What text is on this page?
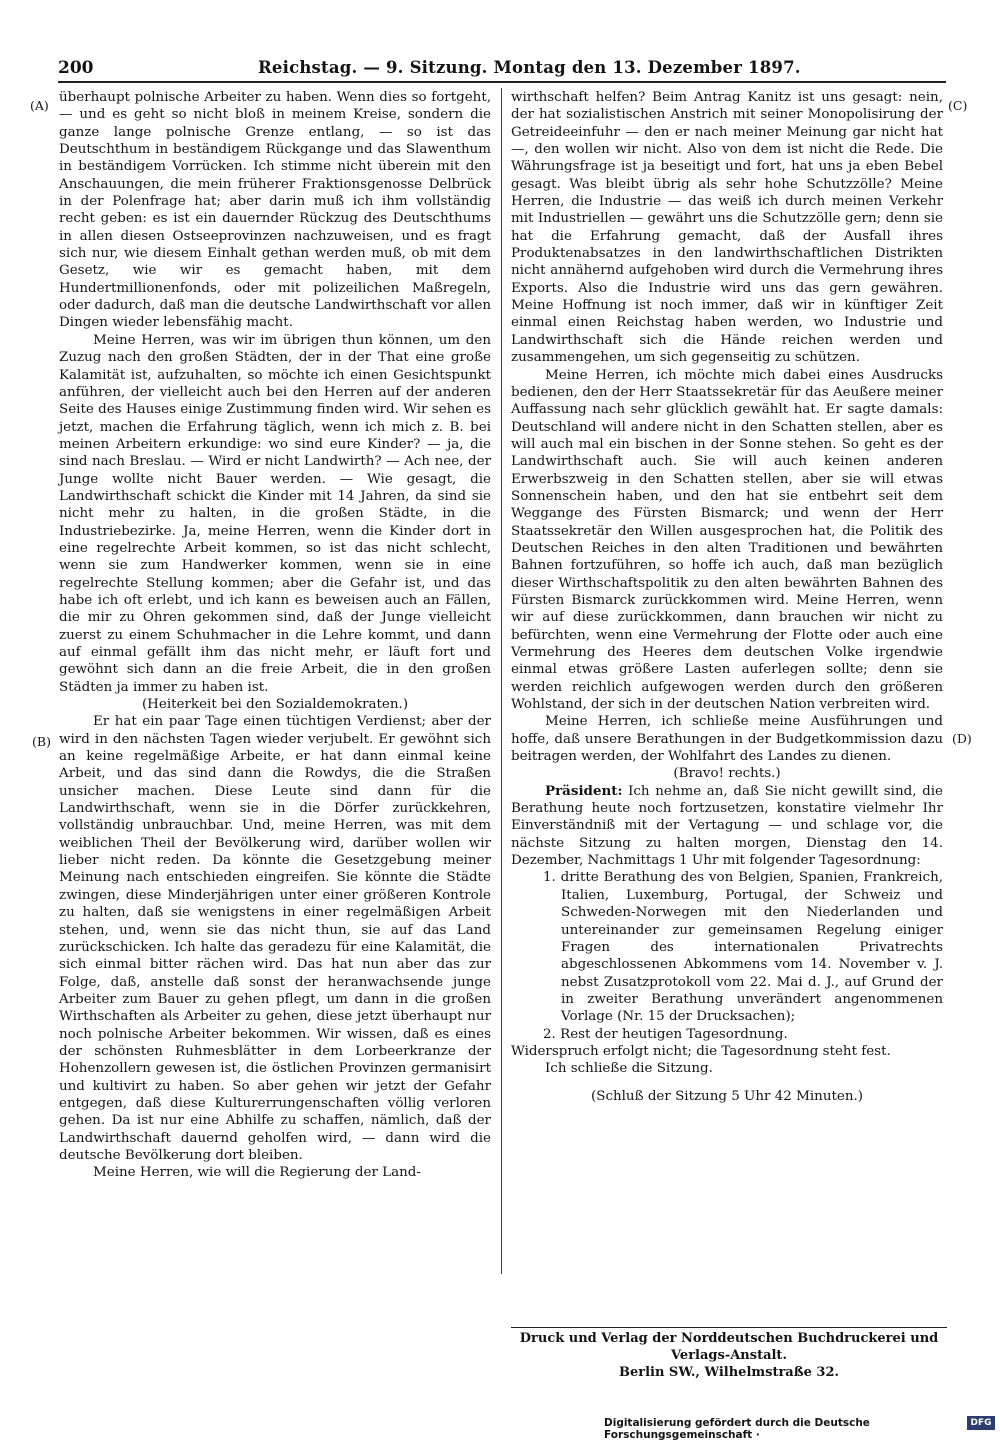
200	Reichstag. — 9. Sitzung. Montag den 13. Dezember 1897.
(A)
(B)
(C)
(D)

überhaupt polnische Arbeiter zu haben. Wenn dies so fortgeht, — und es geht so nicht bloß in meinem Kreise, sondern die ganze lange polnische Grenze entlang, — so ist das Deutschthum in beständigem Rückgange und das Slawenthum in beständigem Vorrücken. Ich stimme nicht überein mit den Anschauungen, die mein früherer Fraktionsgenosse Delbrück in der Polenfrage hat; aber darin muß ich ihm vollständig recht geben: es ist ein dauernder Rückzug des Deutschthums in allen diesen Ostseeprovinzen nachzuweisen, und es fragt sich nur, wie diesem Einhalt gethan werden muß, ob mit dem Gesetz, wie wir es gemacht haben, mit dem Hundertmillionenfonds, oder mit polizeilichen Maßregeln, oder dadurch, daß man die deutsche Landwirthschaft vor allen Dingen wieder lebensfähig macht.

Meine Herren, was wir im übrigen thun können, um den Zuzug nach den großen Städten, der in der That eine große Kalamität ist, aufzuhalten, so möchte ich einen Gesichtspunkt anführen, der vielleicht auch bei den Herren auf der anderen Seite des Hauses einige Zustimmung finden wird. Wir sehen es jetzt, machen die Erfahrung täglich, wenn ich mich z. B. bei meinen Arbeitern erkundige: wo sind eure Kinder? — ja, die sind nach Breslau. — Wird er nicht Landwirth? — Ach nee, der Junge wollte nicht Bauer werden. — Wie gesagt, die Landwirthschaft schickt die Kinder mit 14 Jahren, da sind sie nicht mehr zu halten, in die großen Städte, in die Industriebezirke. Ja, meine Herren, wenn die Kinder dort in eine regelrechte Arbeit kommen, so ist das nicht schlecht, wenn sie zum Handwerker kommen, wenn sie in eine regelrechte Stellung kommen; aber die Gefahr ist, und das habe ich oft erlebt, und ich kann es beweisen auch an Fällen, die mir zu Ohren gekommen sind, daß der Junge vielleicht zuerst zu einem Schuhmacher in die Lehre kommt, und dann auf einmal gefällt ihm das nicht mehr, er läuft fort und gewöhnt sich dann an die freie Arbeit, die in den großen Städten ja immer zu haben ist.

(Heiterkeit bei den Sozialdemokraten.)

Er hat ein paar Tage einen tüchtigen Verdienst; aber der wird in den nächsten Tagen wieder verjubelt. Er gewöhnt sich an keine regelmäßige Arbeite, er hat dann einmal keine Arbeit, und das sind dann die Rowdys, die die Straßen unsicher machen. Diese Leute sind dann für die Landwirthschaft, wenn sie in die Dörfer zurückkehren, vollständig unbrauchbar. Und, meine Herren, was mit dem weiblichen Theil der Bevölkerung wird, darüber wollen wir lieber nicht reden. Da könnte die Gesetzgebung meiner Meinung nach entschieden eingreifen. Sie könnte die Städte zwingen, diese Minderjährigen unter einer größeren Kontrole zu halten, daß sie wenigstens in einer regelmäßigen Arbeit stehen, und, wenn sie das nicht thun, sie auf das Land zurückschicken. Ich halte das geradezu für eine Kalamität, die sich einmal bitter rächen wird. Das hat nun aber das zur Folge, daß, anstelle daß sonst der heranwachsende junge Arbeiter zum Bauer zu gehen pflegt, um dann in die großen Wirthschaften als Arbeiter zu gehen, diese jetzt überhaupt nur noch polnische Arbeiter bekommen. Wir wissen, daß es eines der schönsten Ruhmesblätter in dem Lorbeerkranze der Hohenzollern gewesen ist, die östlichen Provinzen germanisirt und kultivirt zu haben. So aber gehen wir jetzt der Gefahr entgegen, daß diese Kulturerrungenschaften völlig verloren gehen. Da ist nur eine Abhilfe zu schaffen, nämlich, daß der Landwirthschaft dauernd geholfen wird, — dann wird die deutsche Bevölkerung dort bleiben.

Meine Herren, wie will die Regierung der Land-

wirthschaft helfen? Beim Antrag Kanitz ist uns gesagt: nein, der hat sozialistischen Anstrich mit seiner Monopolisirung der Getreideeinfuhr — den er nach meiner Meinung gar nicht hat —, den wollen wir nicht. Also von dem ist nicht die Rede. Die Währungsfrage ist ja beseitigt und fort, hat uns ja eben Bebel gesagt. Was bleibt übrig als sehr hohe Schutzzölle? Meine Herren, die Industrie — das weiß ich durch meinen Verkehr mit Industriellen — gewährt uns die Schutzzölle gern; denn sie hat die Erfahrung gemacht, daß der Ausfall ihres Produktenabsatzes in den landwirthschaftlichen Distrikten nicht annähernd aufgehoben wird durch die Vermehrung ihres Exports. Also die Industrie wird uns das gern gewähren. Meine Hoffnung ist noch immer, daß wir in künftiger Zeit einmal einen Reichstag haben werden, wo Industrie und Landwirthschaft sich die Hände reichen werden und zusammengehen, um sich gegenseitig zu schützen.

Meine Herren, ich möchte mich dabei eines Ausdrucks bedienen, den der Herr Staatssekretär für das Aeußere meiner Auffassung nach sehr glücklich gewählt hat. Er sagte damals: Deutschland will andere nicht in den Schatten stellen, aber es will auch mal ein bischen in der Sonne stehen. So geht es der Landwirthschaft auch. Sie will auch keinen anderen Erwerbszweig in den Schatten stellen, aber sie will etwas Sonnenschein haben, und den hat sie entbehrt seit dem Weggange des Fürsten Bismarck; und wenn der Herr Staatssekretär den Willen ausgesprochen hat, die Politik des Deutschen Reiches in den alten Traditionen und bewährten Bahnen fortzuführen, so hoffe ich auch, daß man bezüglich dieser Wirthschaftspolitik zu den alten bewährten Bahnen des Fürsten Bismarck zurückkommen wird. Meine Herren, wenn wir auf diese zurückkommen, dann brauchen wir nicht zu befürchten, wenn eine Vermehrung der Flotte oder auch eine Vermehrung des Heeres dem deutschen Volke irgendwie einmal etwas größere Lasten auferlegen sollte; denn sie werden reichlich aufgewogen werden durch den größeren Wohlstand, der sich in der deutschen Nation verbreiten wird.

Meine Herren, ich schließe meine Ausführungen und hoffe, daß unsere Berathungen in der Budgetkommission dazu beitragen werden, der Wohlfahrt des Landes zu dienen.

(Bravo! rechts.)

Präsident: Ich nehme an, daß Sie nicht gewillt sind, die Berathung heute noch fortzusetzen, konstatire vielmehr Ihr Einverständniß mit der Vertagung — und schlage vor, die nächste Sitzung zu halten morgen, Dienstag den 14. Dezember, Nachmittags 1 Uhr mit folgender Tagesordnung:

1. dritte Berathung des von Belgien, Spanien, Frankreich, Italien, Luxemburg, Portugal, der Schweiz und Schweden-Norwegen mit den Niederlanden und untereinander zur gemeinsamen Regelung einiger Fragen des internationalen Privatrechts abgeschlossenen Abkommens vom 14. November v. J. nebst Zusatzprotokoll vom 22. Mai d. J., auf Grund der in zweiter Berathung unverändert angenommenen Vorlage (Nr. 15 der Drucksachen);

2. Rest der heutigen Tagesordnung.

Widerspruch erfolgt nicht; die Tagesordnung steht fest.

Ich schließe die Sitzung.

(Schluß der Sitzung 5 Uhr 42 Minuten.)

Druck und Verlag der Norddeutschen Buchdruckerei und Verlags-Anstalt.
Berlin SW., Wilhelmstraße 32.
Digitalisierung gefördert durch die Deutsche Forschungsgemeinschaft ·
DFG
